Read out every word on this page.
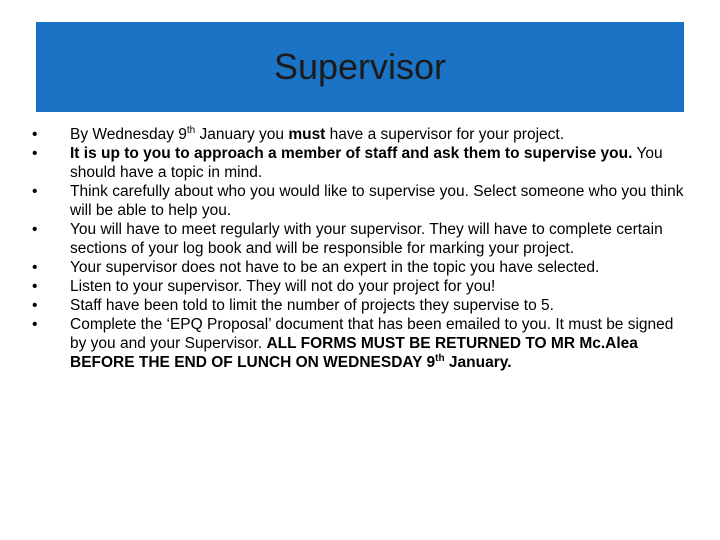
Supervisor
•	By Wednesday 9th January you must have a supervisor for your project.
•	It is up to you to approach a member of staff and ask them to supervise you. You should have a topic in mind.
•	Think carefully about who you would like to supervise you. Select someone who you think will be able to help you.
•	You will have to meet regularly with your supervisor. They will have to complete certain sections of your log book and will be responsible for marking your project.
•	Your supervisor does not have to be an expert in the topic you have selected.
•	Listen to your supervisor. They will not do your project for you!
•	Staff have been told to limit the number of projects they supervise to 5.
•	Complete the ‘EPQ Proposal’ document that has been emailed to you. It must be signed by you and your Supervisor. ALL FORMS MUST BE RETURNED TO MR Mc.Alea BEFORE THE END OF LUNCH ON WEDNESDAY 9th January.
